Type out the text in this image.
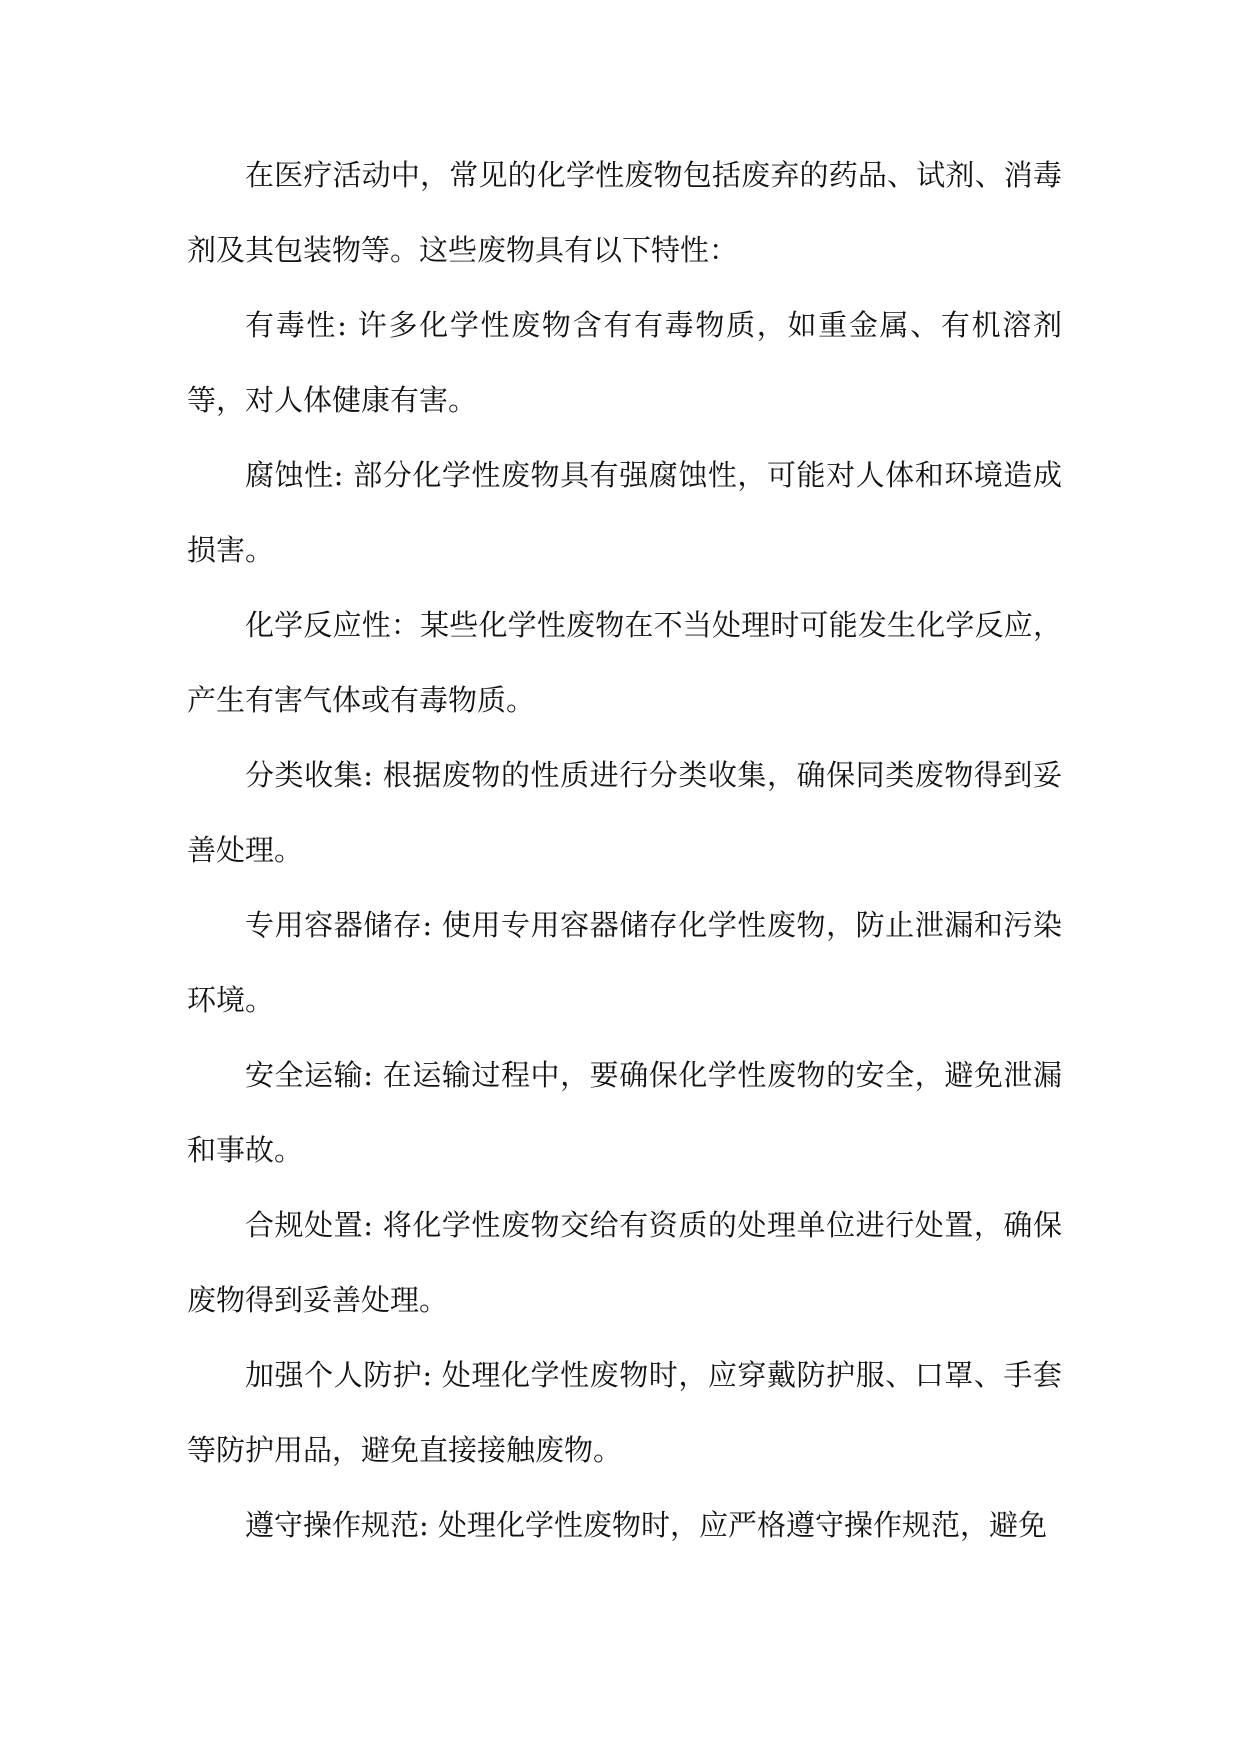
在医疗活动中，常见的化学性废物包括废弃的药品、试剂、消毒剂及其包装物等。这些废物具有以下特性：

有毒性: 许多化学性废物含有有毒物质，如重金属、有机溶剂等，对人体健康有害。

腐蚀性: 部分化学性废物具有强腐蚀性，可能对人体和环境造成损害。

化学反应性：某些化学性废物在不当处理时可能发生化学反应，产生有害气体或有毒物质。

分类收集: 根据废物的性质进行分类收集，确保同类废物得到妥善处理。

专用容器储存: 使用专用容器储存化学性废物，防止泄漏和污染环境。

安全运输: 在运输过程中，要确保化学性废物的安全，避免泄漏和事故。

合规处置: 将化学性废物交给有资质的处理单位进行处置，确保废物得到妥善处理。

加强个人防护: 处理化学性废物时，应穿戴防护服、口罩、手套等防护用品，避免直接接触废物。

遵守操作规范: 处理化学性废物时，应严格遵守操作规范，避免
